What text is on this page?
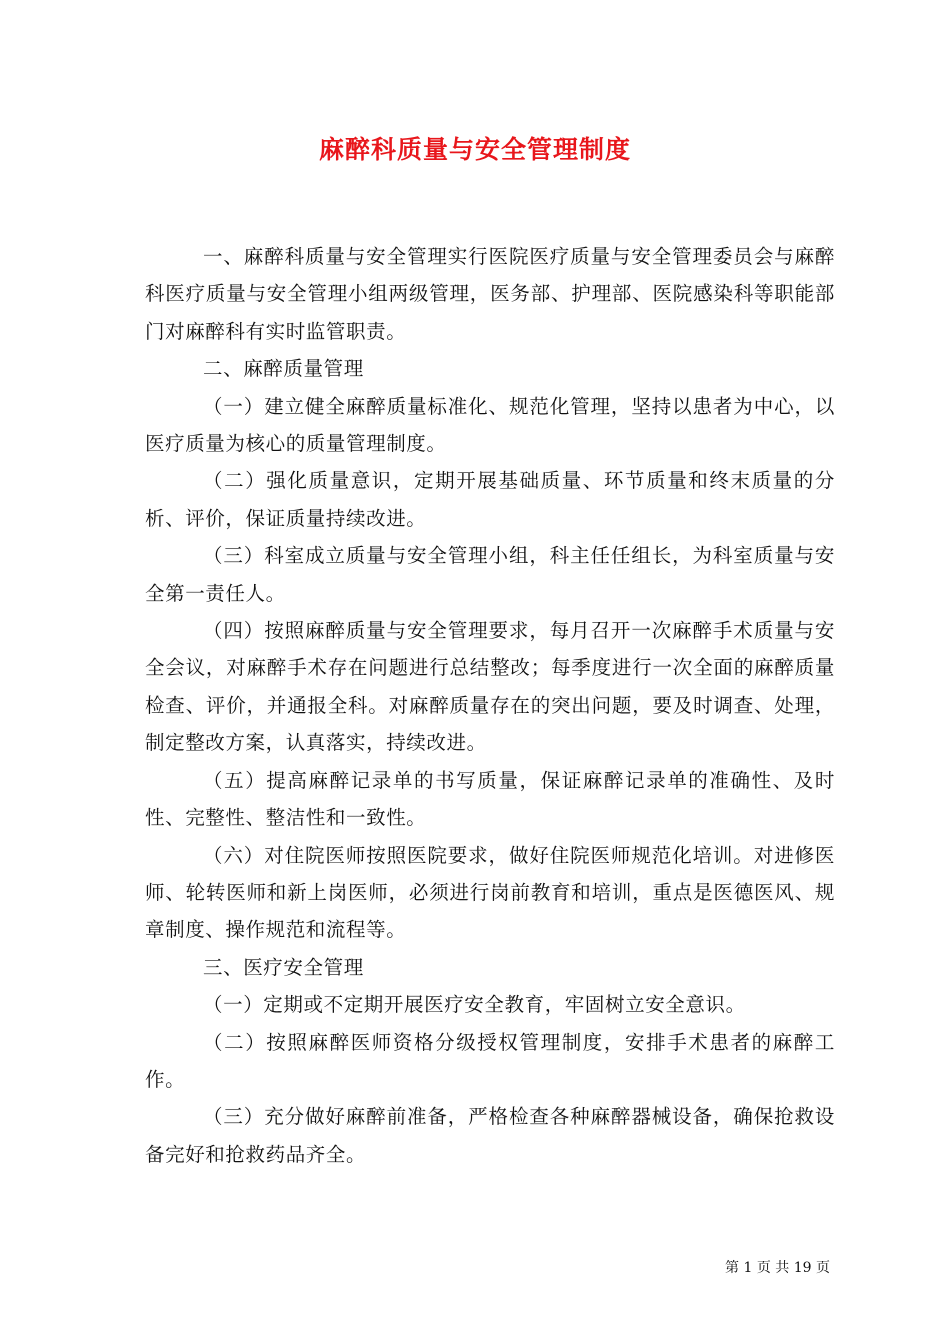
麻醉科质量与安全管理制度

一、麻醉科质量与安全管理实行医院医疗质量与安全管理委员会与麻醉科医疗质量与安全管理小组两级管理，医务部、护理部、医院感染科等职能部门对麻醉科有实时监管职责。

二、麻醉质量管理

（一）建立健全麻醉质量标准化、规范化管理，坚持以患者为中心，以医疗质量为核心的质量管理制度。

（二）强化质量意识，定期开展基础质量、环节质量和终末质量的分析、评价，保证质量持续改进。

（三）科室成立质量与安全管理小组，科主任任组长，为科室质量与安全第一责任人。

（四）按照麻醉质量与安全管理要求，每月召开一次麻醉手术质量与安全会议，对麻醉手术存在问题进行总结整改；每季度进行一次全面的麻醉质量检查、评价，并通报全科。对麻醉质量存在的突出问题，要及时调查、处理，制定整改方案，认真落实，持续改进。

（五）提高麻醉记录单的书写质量，保证麻醉记录单的准确性、及时性、完整性、整洁性和一致性。

（六）对住院医师按照医院要求，做好住院医师规范化培训。对进修医师、轮转医师和新上岗医师，必须进行岗前教育和培训，重点是医德医风、规章制度、操作规范和流程等。

三、医疗安全管理

（一）定期或不定期开展医疗安全教育，牢固树立安全意识。

（二）按照麻醉医师资格分级授权管理制度，安排手术患者的麻醉工作。

（三）充分做好麻醉前准备，严格检查各种麻醉器械设备，确保抢救设备完好和抢救药品齐全。

第 1 页 共 19 页
